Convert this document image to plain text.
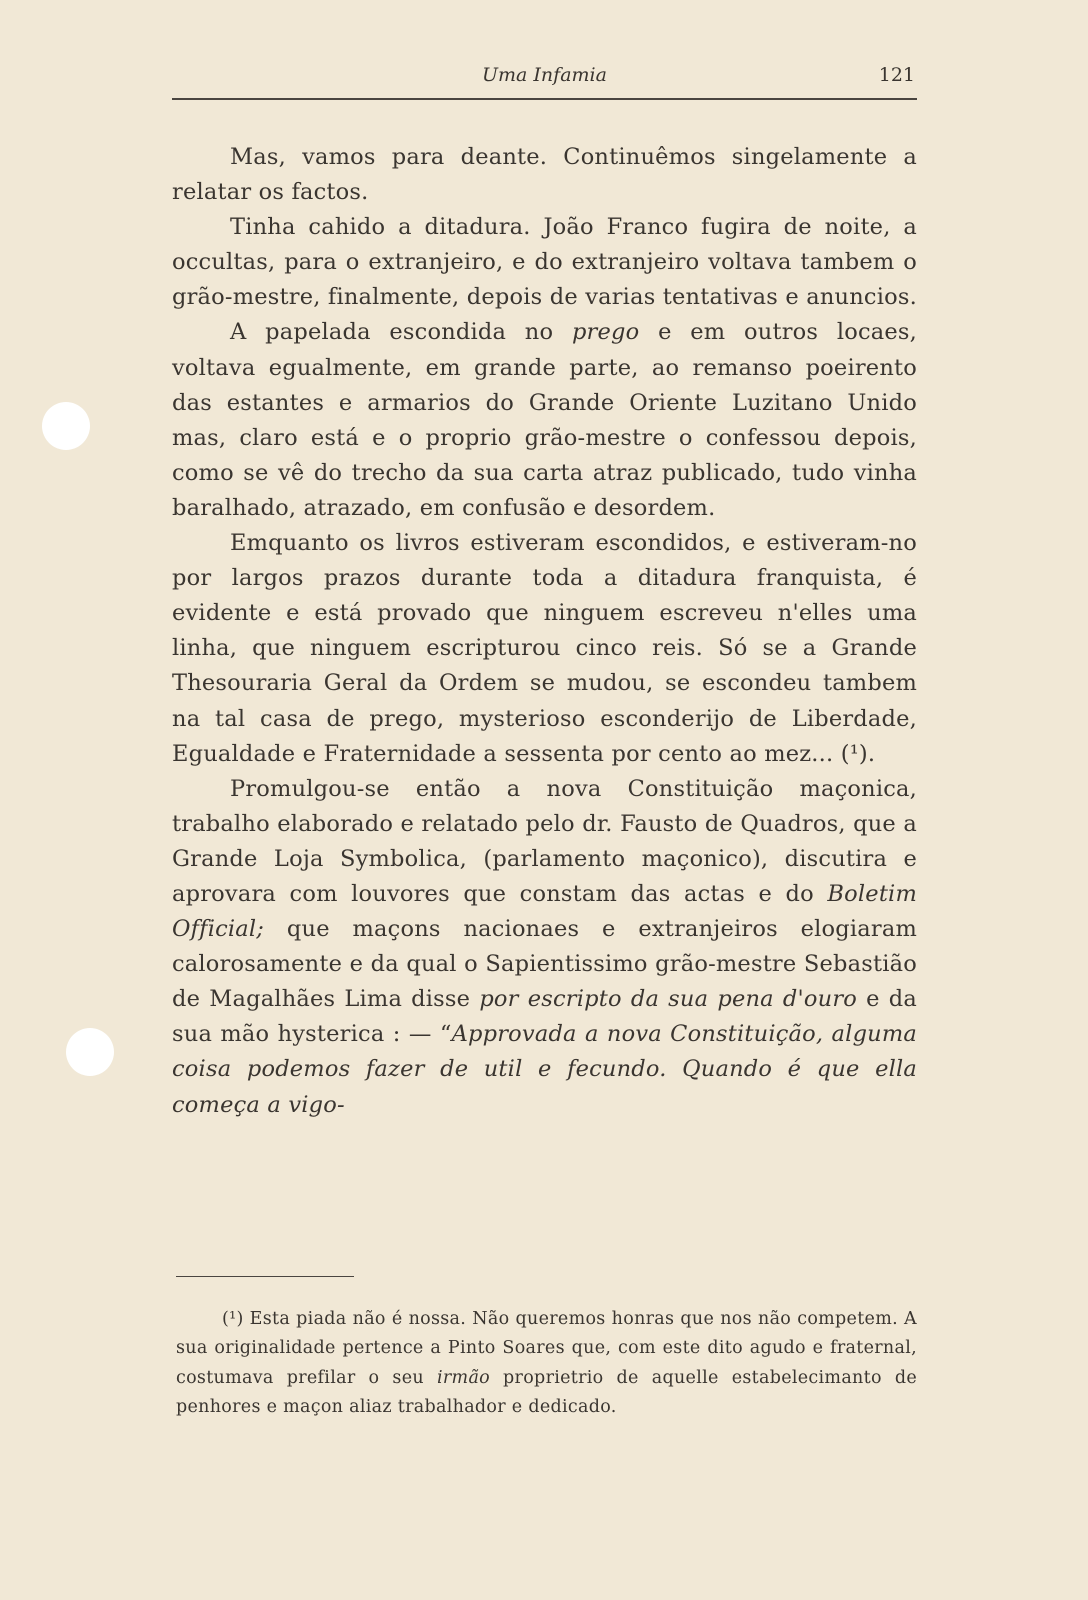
Uma Infamia	121

Mas, vamos para deante. Continuêmos singelamente a relatar os factos.

Tinha cahido a ditadura. João Franco fugira de noite, a occultas, para o extranjeiro, e do extranjeiro voltava tambem o grão-mestre, finalmente, depois de varias tentativas e anuncios.

A papelada escondida no prego e em outros locaes, voltava egualmente, em grande parte, ao remanso poeirento das estantes e armarios do Grande Oriente Luzitano Unido mas, claro está e o proprio grão-mestre o confessou depois, como se vê do trecho da sua carta atraz publicado, tudo vinha baralhado, atrazado, em confusão e desordem.

Emquanto os livros estiveram escondidos, e estiveram-no por largos prazos durante toda a ditadura franquista, é evidente e está provado que ninguem escreveu n'elles uma linha, que ninguem escripturou cinco reis. Só se a Grande Thesouraria Geral da Ordem se mudou, se escondeu tambem na tal casa de prego, mysterioso esconderijo de Liberdade, Egualdade e Fraternidade a sessenta por cento ao mez... (¹).

Promulgou-se então a nova Constituição maçonica, trabalho elaborado e relatado pelo dr. Fausto de Quadros, que a Grande Loja Symbolica, (parlamento maçonico), discutira e aprovara com louvores que constam das actas e do Boletim Official; que maçons nacionaes e extranjeiros elogiaram calorosamente e da qual o Sapientissimo grão-mestre Sebastião de Magalhães Lima disse por escripto da sua pena d'ouro e da sua mão hysterica : — “Approvada a nova Constituição, alguma coisa podemos fazer de util e fecundo. Quando é que ella começa a vigo-

(¹) Esta piada não é nossa. Não queremos honras que nos não competem. A sua originalidade pertence a Pinto Soares que, com este dito agudo e fraternal, costumava prefilar o seu irmão proprietrio de aquelle estabelecimanto de penhores e maçon aliaz trabalhador e dedicado.
